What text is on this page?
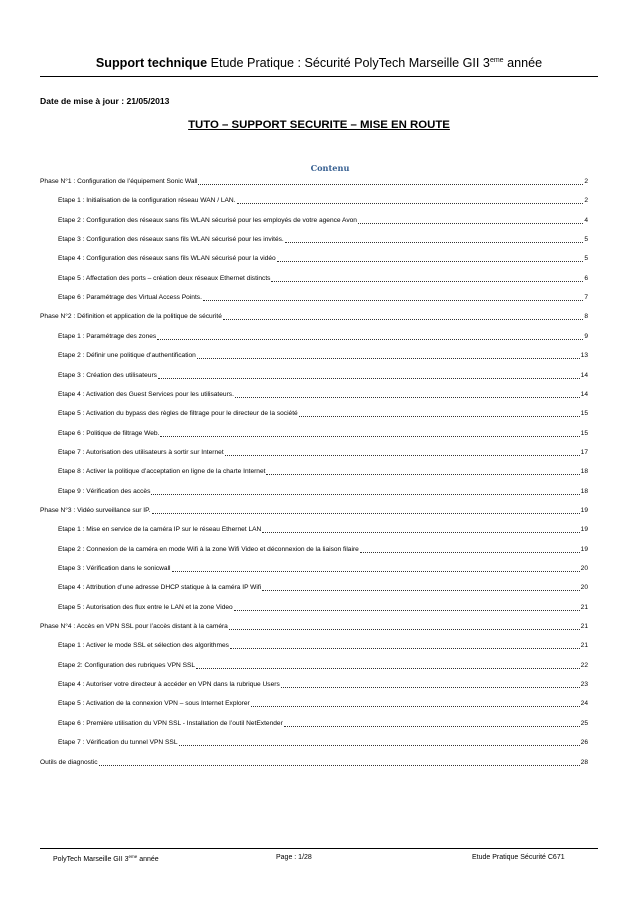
Support technique Etude Pratique : Sécurité PolyTech Marseille GII 3eme année
Date de mise à jour : 21/05/2013
TUTO – SUPPORT SECURITE – MISE EN ROUTE
Contenu
Phase N°1 : Configuration de l’équipement Sonic Wall	2
Etape 1 : Initialisation de la configuration réseau WAN / LAN.	2
Etape 2 : Configuration des réseaux sans fils WLAN sécurisé pour les employés de votre agence Avon	4
Etape 3 : Configuration des réseaux sans fils WLAN sécurisé pour les invités.	5
Etape 4 : Configuration des réseaux sans fils WLAN sécurisé pour la vidéo	5
Etape 5 : Affectation des ports – création deux réseaux Ethernet distincts	6
Etape 6 : Paramétrage des Virtual Access Points.	7
Phase N°2 : Définition et application de la politique de sécurité	8
Etape 1 : Paramétrage des zones	9
Etape 2 : Définir une politique d’authentification	13
Etape 3 : Création des utilisateurs	14
Etape 4 : Activation des Guest Services pour les utilisateurs.	14
Etape 5 : Activation du bypass des règles de filtrage pour le directeur de la société	15
Etape 6 : Politique de filtrage Web.	15
Etape 7 : Autorisation des utilisateurs à sortir sur Internet	17
Etape 8 : Activer la politique d’acceptation en ligne de la charte Internet	18
Etape 9 : Vérification des accès	18
Phase N°3 : Vidéo surveillance sur IP.	19
Etape 1 : Mise en service de la caméra IP sur le réseau Ethernet LAN	19
Etape 2 : Connexion de la caméra en mode Wifi à la zone Wifi Video et déconnexion de la liaison filaire	19
Etape 3 : Vérification dans le sonicwall	20
Etape 4 : Attribution d’une adresse DHCP statique à la caméra IP Wifi	20
Etape 5 : Autorisation des flux entre le LAN et la zone Video	21
Phase N°4 : Accès en VPN SSL pour l’accès distant à la caméra	21
Etape 1 : Activer le mode SSL et sélection des algorithmes	21
Etape 2: Configuration des rubriques VPN SSL	22
Etape 4 : Autoriser votre directeur à accéder en VPN dans la rubrique Users	23
Etape 5 : Activation de la connexion VPN – sous Internet Explorer	24
Etape 6 : Première utilisation du VPN SSL - Installation de l’outil NetExtender	25
Etape 7 : Vérification du tunnel VPN SSL	26
Outils de diagnostic	28
PolyTech Marseille GII 3eme année	Page : 1/28	Etude Pratique Sécurité C671
